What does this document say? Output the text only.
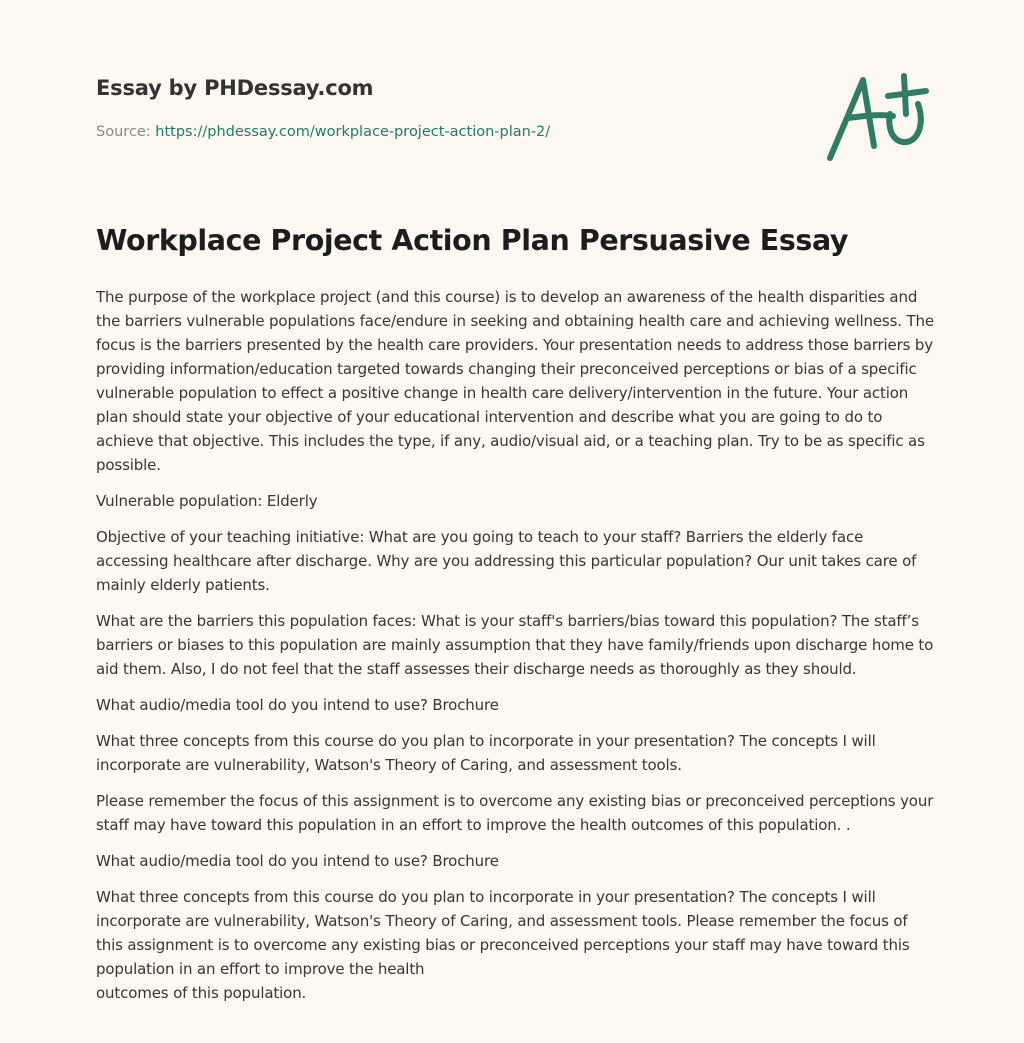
Essay by PHDessay.com
Source: https://phdessay.com/workplace-project-action-plan-2/
Workplace Project Action Plan Persuasive Essay

The purpose of the workplace project (and this course) is to develop an awareness of the health disparities and the barriers vulnerable populations face/endure in seeking and obtaining health care and achieving wellness. The focus is the barriers presented by the health care providers. Your presentation needs to address those barriers by providing information/education targeted towards changing their preconceived perceptions or bias of a specific vulnerable population to effect a positive change in health care delivery/intervention in the future. Your action plan should state your objective of your educational intervention and describe what you are going to do to achieve that objective. This includes the type, if any, audio/visual aid, or a teaching plan. Try to be as specific as possible.

Vulnerable population: Elderly

Objective of your teaching initiative: What are you going to teach to your staff? Barriers the elderly face accessing healthcare after discharge. Why are you addressing this particular population? Our unit takes care of mainly elderly patients.

What are the barriers this population faces: What is your staff's barriers/bias toward this population? The staff’s barriers or biases to this population are mainly assumption that they have family/friends upon discharge home to aid them. Also, I do not feel that the staff assesses their discharge needs as thoroughly as they should.

What audio/media tool do you intend to use? Brochure

What three concepts from this course do you plan to incorporate in your presentation? The concepts I will incorporate are vulnerability, Watson's Theory of Caring, and assessment tools.

Please remember the focus of this assignment is to overcome any existing bias or preconceived perceptions your staff may have toward this population in an effort to improve the health outcomes of this population. .

What audio/media tool do you intend to use? Brochure

What three concepts from this course do you plan to incorporate in your presentation? The concepts I will incorporate are vulnerability, Watson's Theory of Caring, and assessment tools. Please remember the focus of this assignment is to overcome any existing bias or preconceived perceptions your staff may have toward this population in an effort to improve the health
outcomes of this population.
